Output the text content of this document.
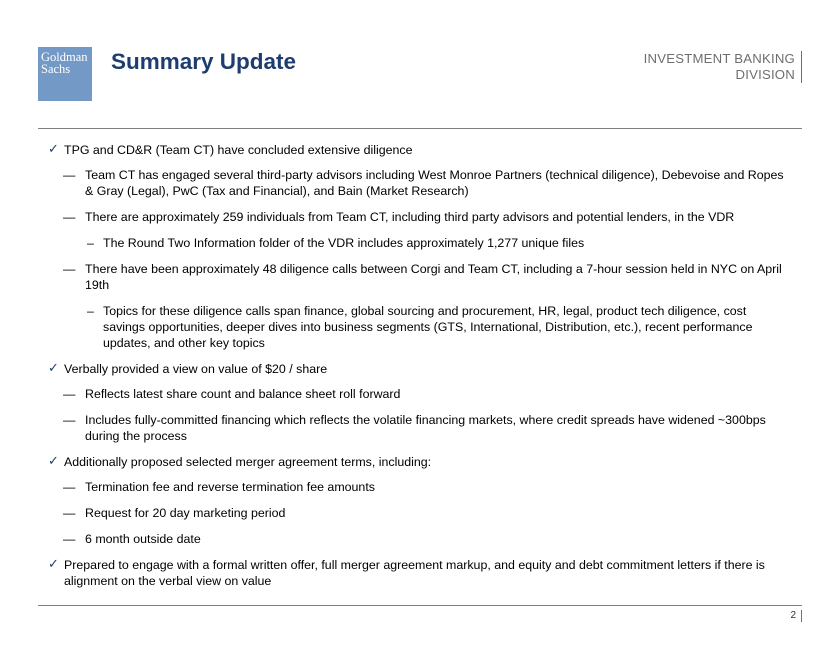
Goldman
Sachs	Summary Update	INVESTMENT BANKING
DIVISION
✓ TPG and CD&R (Team CT) have concluded extensive diligence
— Team CT has engaged several third-party advisors including West Monroe Partners (technical diligence), Debevoise and Ropes & Gray (Legal), PwC (Tax and Financial), and Bain (Market Research)
— There are approximately 259 individuals from Team CT, including third party advisors and potential lenders, in the VDR
– The Round Two Information folder of the VDR includes approximately 1,277 unique files
— There have been approximately 48 diligence calls between Corgi and Team CT, including a 7-hour session held in NYC on April 19th
– Topics for these diligence calls span finance, global sourcing and procurement, HR, legal, product tech diligence, cost savings opportunities, deeper dives into business segments (GTS, International, Distribution, etc.), recent performance updates, and other key topics
✓ Verbally provided a view on value of $20 / share
— Reflects latest share count and balance sheet roll forward
— Includes fully-committed financing which reflects the volatile financing markets, where credit spreads have widened ~300bps during the process
✓ Additionally proposed selected merger agreement terms, including:
— Termination fee and reverse termination fee amounts
— Request for 20 day marketing period
— 6 month outside date
✓ Prepared to engage with a formal written offer, full merger agreement markup, and equity and debt commitment letters if there is alignment on the verbal view on value
2
